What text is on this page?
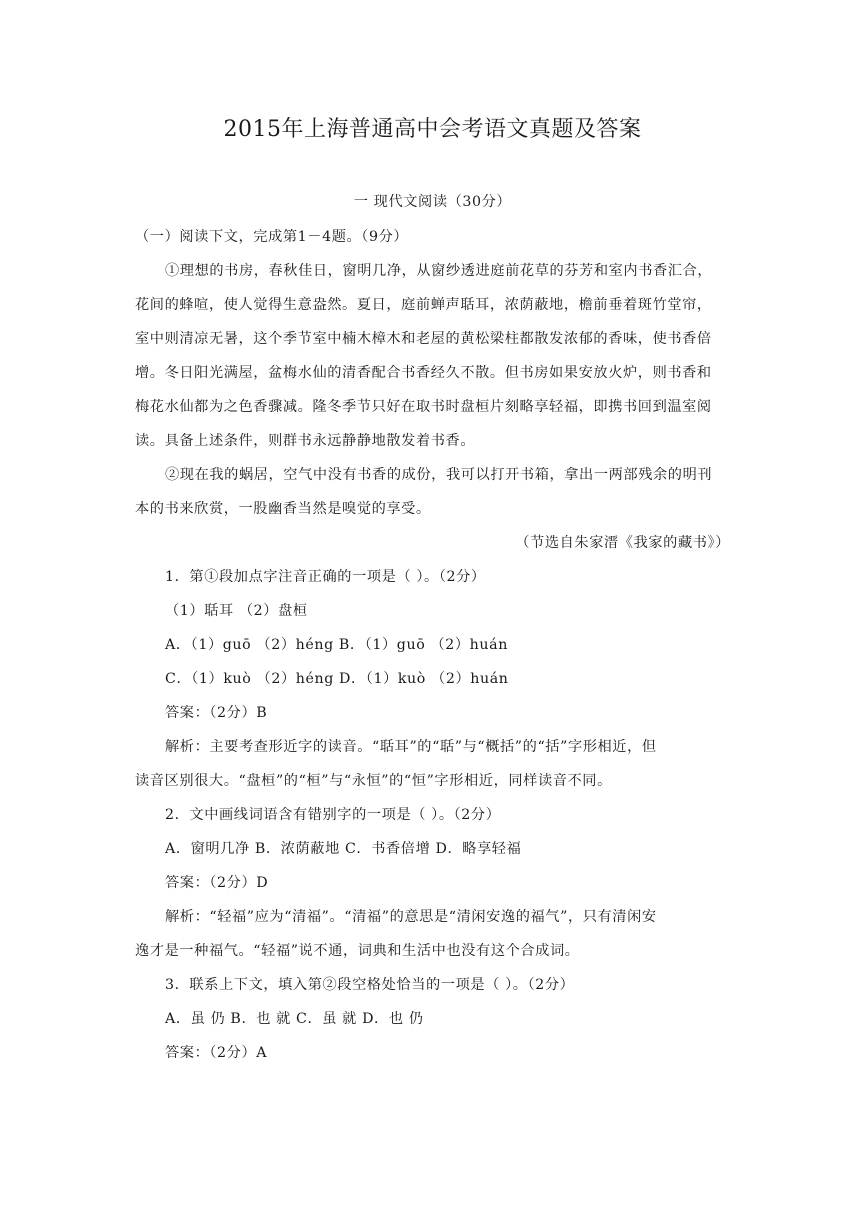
2015年上海普通高中会考语文真题及答案
一 现代文阅读（30分）
（一）阅读下文，完成第1－4题。（9分）
①理想的书房，春秋佳日，窗明几净，从窗纱透进庭前花草的芬芳和室内书香汇合，
花间的蜂喧，使人觉得生意盎然。夏日，庭前蝉声聒耳，浓荫蔽地，檐前垂着斑竹堂帘，
室中则清凉无暑，这个季节室中楠木樟木和老屋的黄松梁柱都散发浓郁的香味，使书香倍
增。冬日阳光满屋，盆梅水仙的清香配合书香经久不散。但书房如果安放火炉，则书香和
梅花水仙都为之色香骤减。隆冬季节只好在取书时盘桓片刻略享轻福，即携书回到温室阅
读。具备上述条件，则群书永远静静地散发着书香。
②现在我的蜗居，空气中没有书香的成份，我可以打开书箱，拿出一两部残余的明刊
本的书来欣赏，一股幽香当然是嗅觉的享受。
（节选自朱家溍《我家的藏书》）
1．第①段加点字注音正确的一项是（ ）。（2分）
（1）聒耳 （2）盘桓
A．（1）guō （2）héng B．（1）guō （2）huán
C．（1）kuò （2）héng D．（1）kuò （2）huán
答案：（2分）B
解析：主要考查形近字的读音。“聒耳”的“聒”与“概括”的“括”字形相近，但
读音区别很大。“盘桓”的“桓”与“永恒”的“恒”字形相近，同样读音不同。
2．文中画线词语含有错别字的一项是（ ）。（2分）
A．窗明几净 B．浓荫蔽地 C．书香倍增 D．略享轻福
答案：（2分）D
解析：“轻福”应为“清福”。“清福”的意思是“清闲安逸的福气”，只有清闲安
逸才是一种福气。“轻福”说不通，词典和生活中也没有这个合成词。
3．联系上下文，填入第②段空格处恰当的一项是（ ）。（2分）
A．虽 仍 B．也 就 C．虽 就 D．也 仍
答案：（2分）A
